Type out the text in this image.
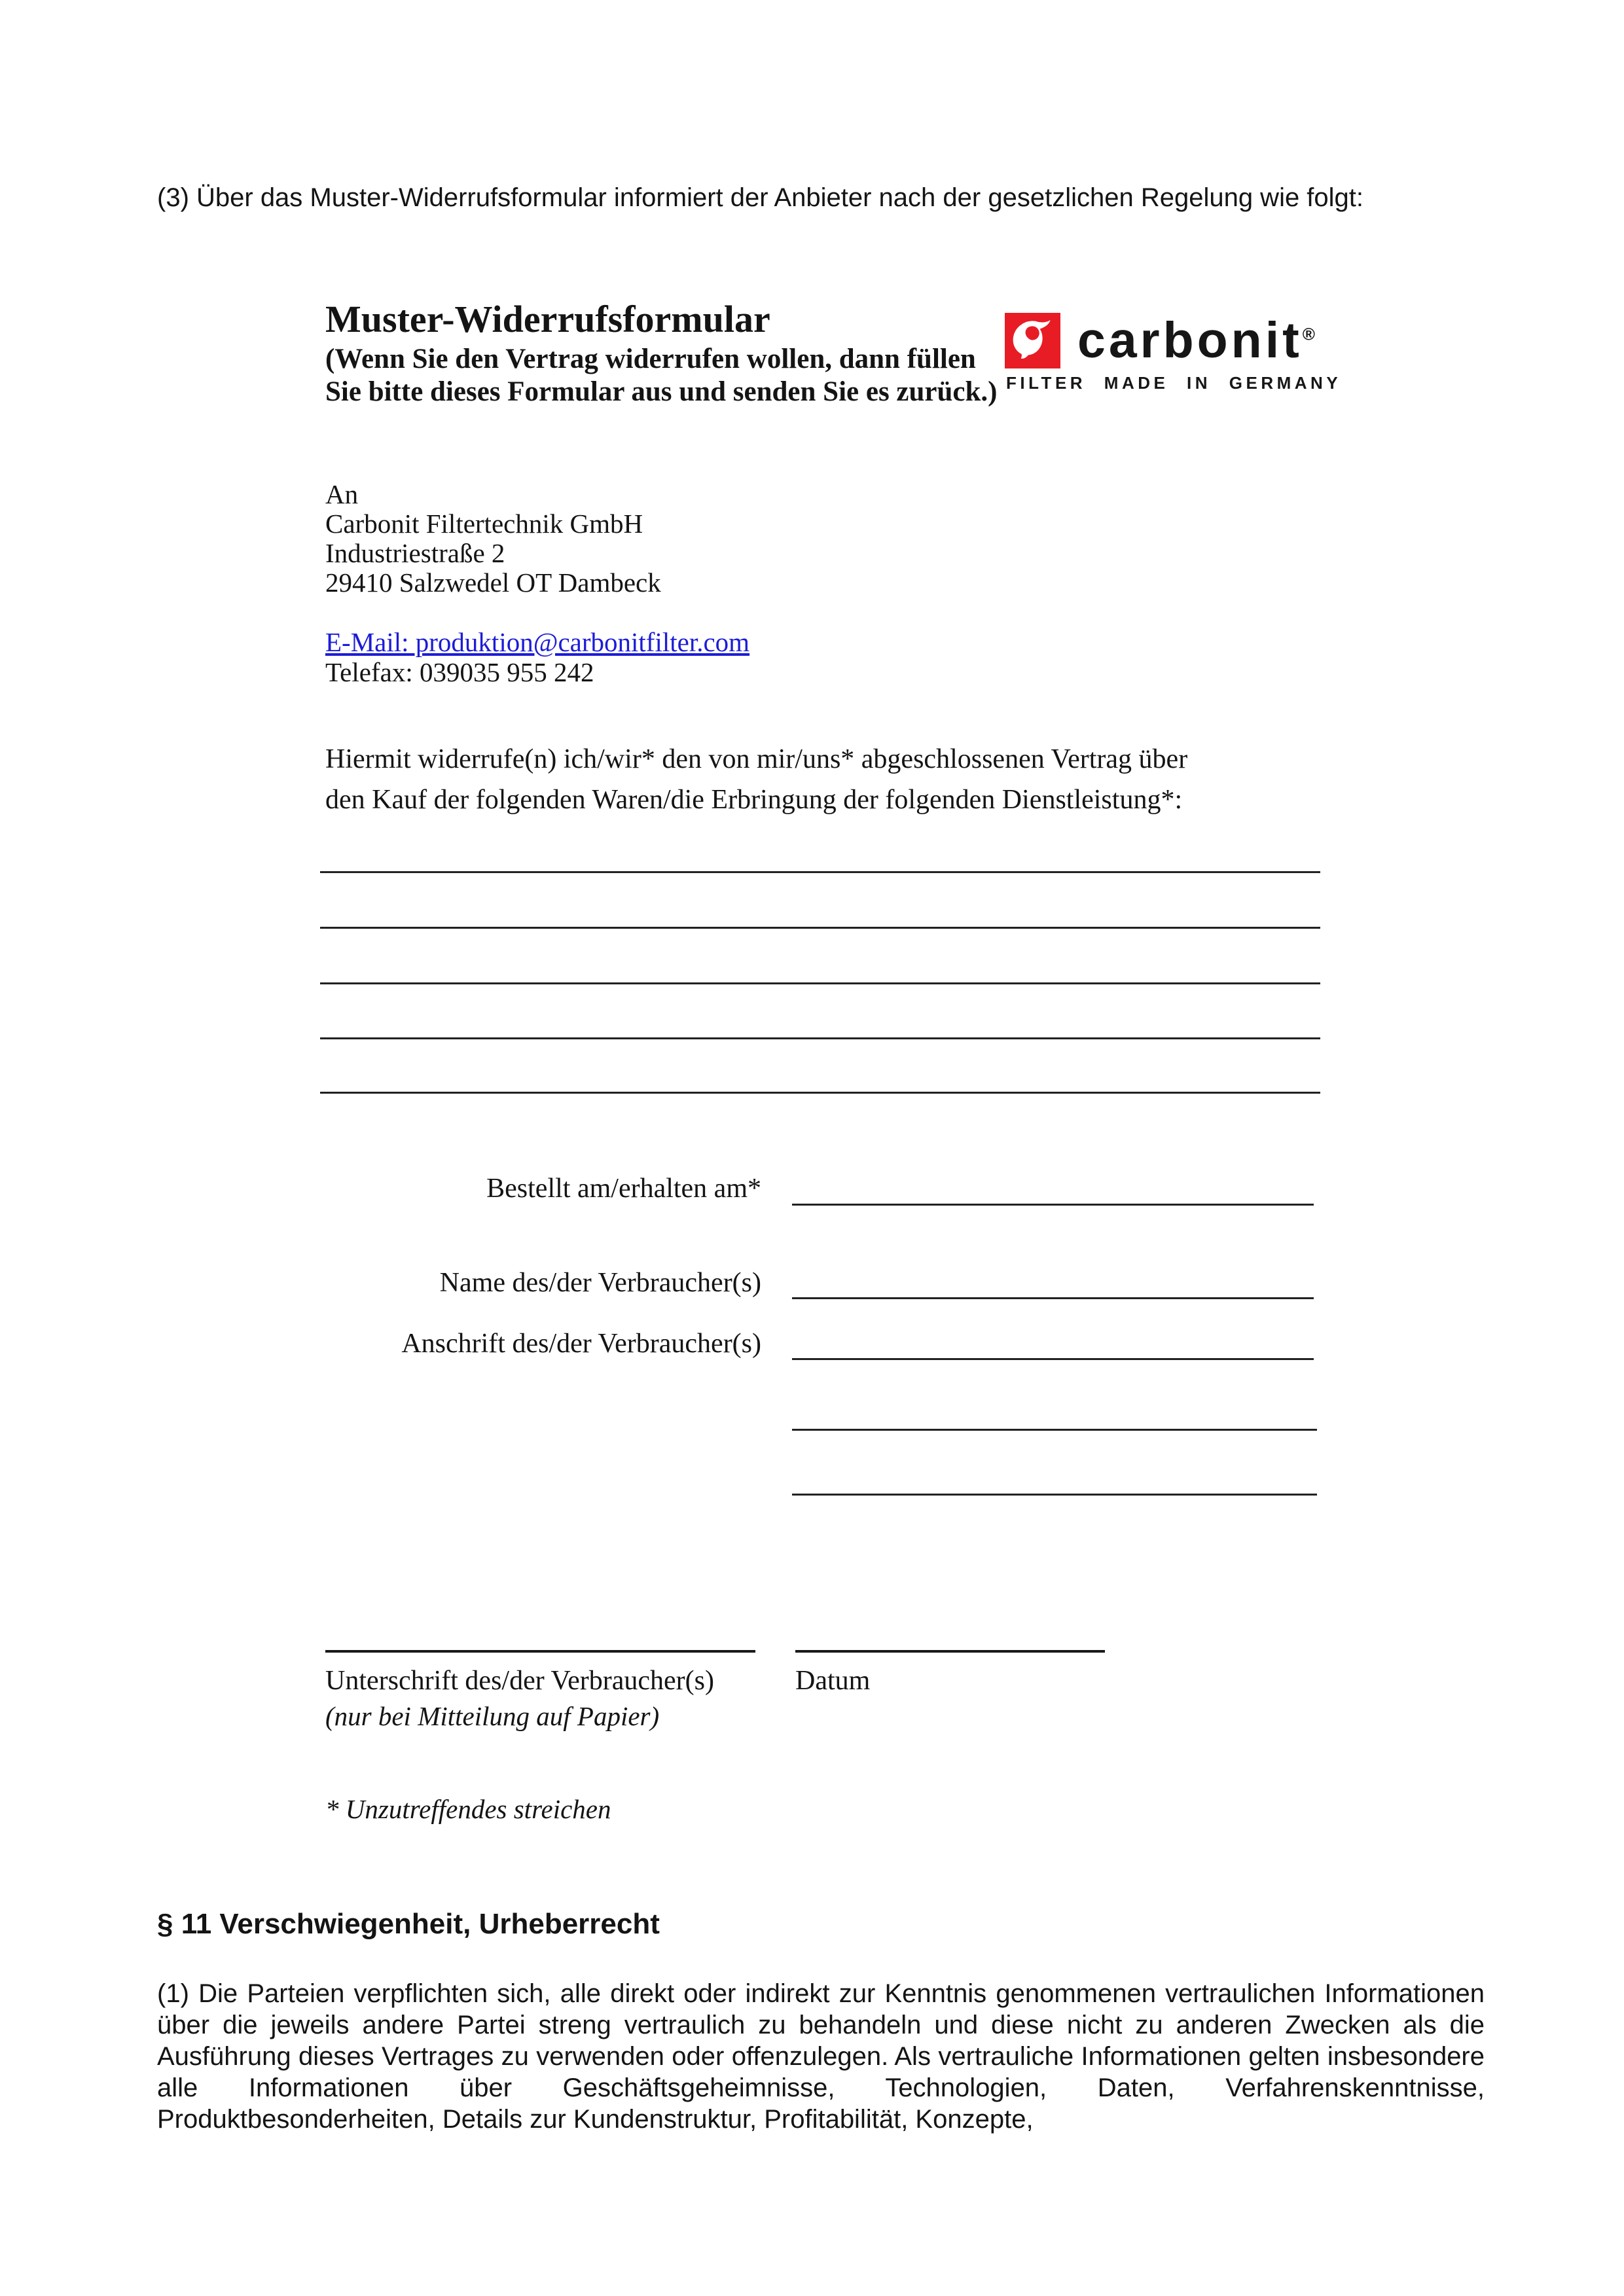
(3) Über das Muster-Widerrufsformular informiert der Anbieter nach der gesetzlichen Regelung wie folgt:
Muster-Widerrufsformular
(Wenn Sie den Vertrag widerrufen wollen, dann füllen
Sie bitte dieses Formular aus und senden Sie es zurück.)
carbonit®
FILTER MADE IN GERMANY
An
Carbonit Filtertechnik GmbH
Industriestraße 2
29410 Salzwedel OT Dambeck
E-Mail: produktion@carbonitfilter.com
Telefax: 039035 955 242
Hiermit widerrufe(n) ich/wir* den von mir/uns* abgeschlossenen Vertrag über
den Kauf der folgenden Waren/die Erbringung der folgenden Dienstleistung*:
Bestellt am/erhalten am*
Name des/der Verbraucher(s)
Anschrift des/der Verbraucher(s)
Unterschrift des/der Verbraucher(s)	Datum
(nur bei Mitteilung auf Papier)
* Unzutreffendes streichen
§ 11 Verschwiegenheit, Urheberrecht
(1) Die Parteien verpflichten sich, alle direkt oder indirekt zur Kenntnis genommenen vertraulichen Informationen über die jeweils andere Partei streng vertraulich zu behandeln und diese nicht zu anderen Zwecken als die Ausführung dieses Vertrages zu verwenden oder offenzulegen. Als vertrauliche Informationen gelten insbesondere alle Informationen über Geschäftsgeheimnisse, Technologien, Daten, Verfahrenskenntnisse, Produktbesonderheiten, Details zur Kundenstruktur, Profitabilität, Konzepte,
